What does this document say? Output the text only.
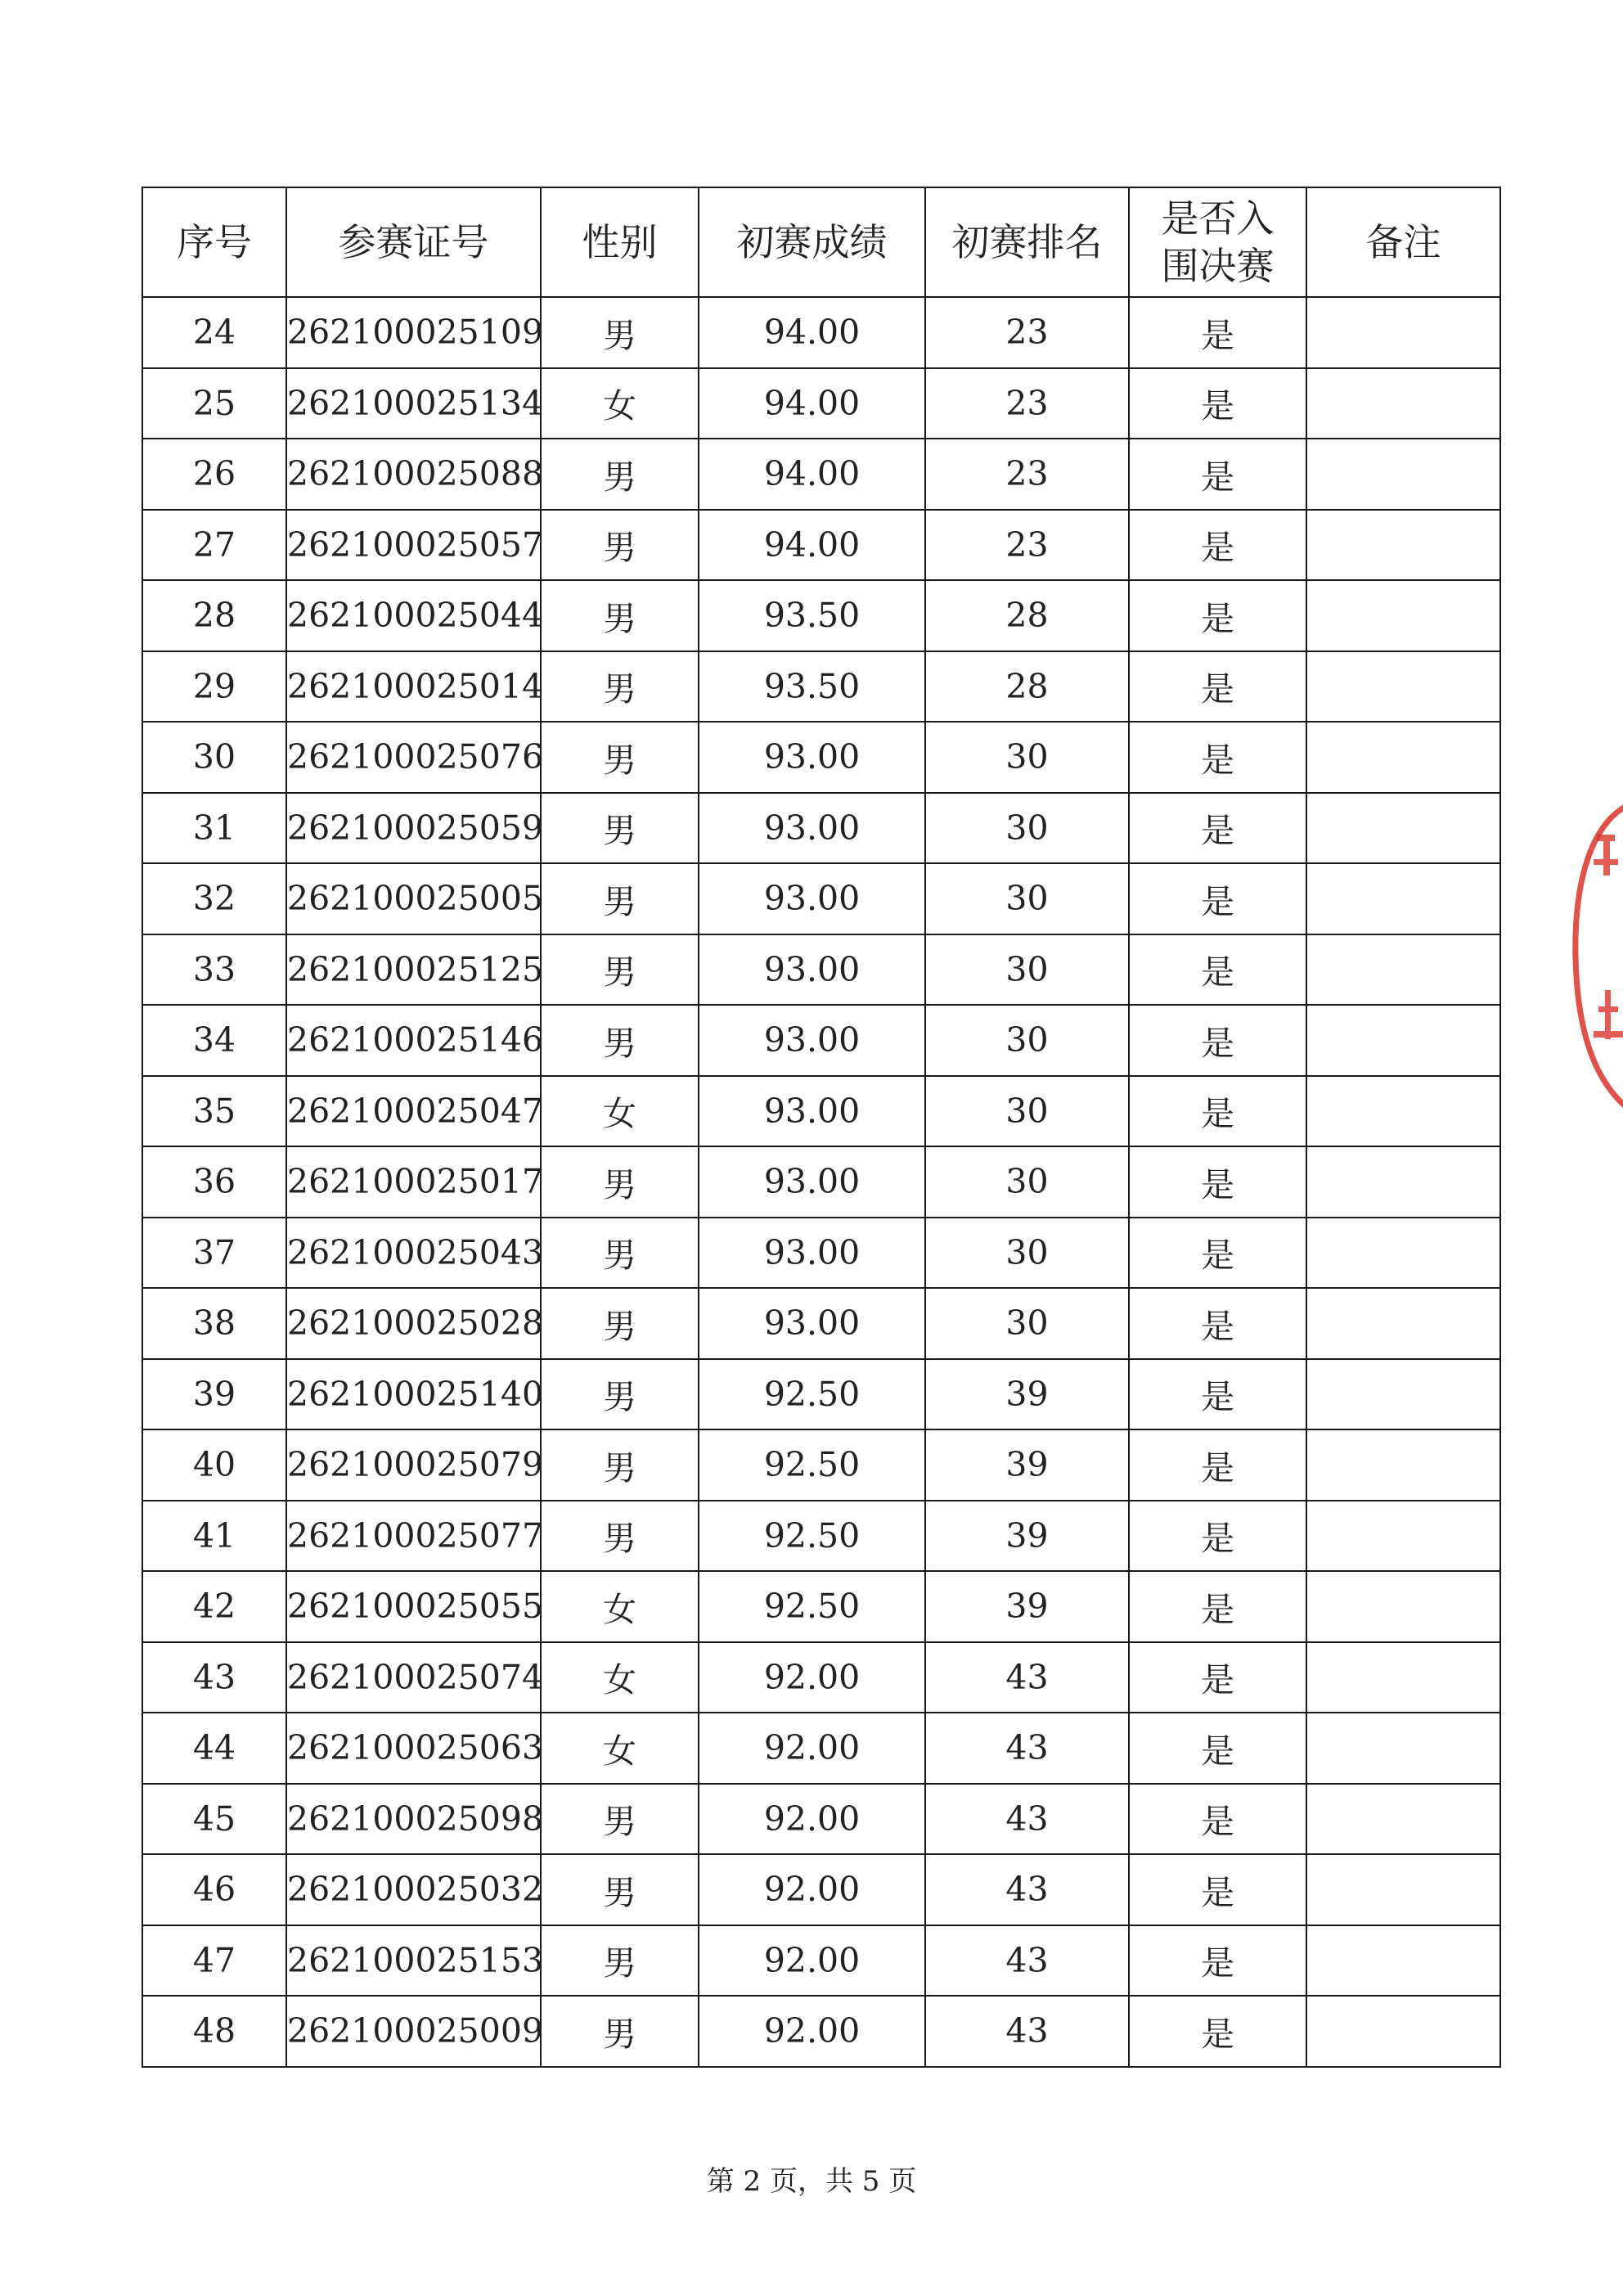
序号	参赛证号	性别	初赛成绩	初赛排名	是否入围决赛	备注
24	262100025109	男	94.00	23	是	
25	262100025134	女	94.00	23	是	
26	262100025088	男	94.00	23	是	
27	262100025057	男	94.00	23	是	
28	262100025044	男	93.50	28	是	
29	262100025014	男	93.50	28	是	
30	262100025076	男	93.00	30	是	
31	262100025059	男	93.00	30	是	
32	262100025005	男	93.00	30	是	
33	262100025125	男	93.00	30	是	
34	262100025146	男	93.00	30	是	
35	262100025047	女	93.00	30	是	
36	262100025017	男	93.00	30	是	
37	262100025043	男	93.00	30	是	
38	262100025028	男	93.00	30	是	
39	262100025140	男	92.50	39	是	
40	262100025079	男	92.50	39	是	
41	262100025077	男	92.50	39	是	
42	262100025055	女	92.50	39	是	
43	262100025074	女	92.00	43	是	
44	262100025063	女	92.00	43	是	
45	262100025098	男	92.00	43	是	
46	262100025032	男	92.00	43	是	
47	262100025153	男	92.00	43	是	
48	262100025009	男	92.00	43	是	
第 2 页，共 5 页
